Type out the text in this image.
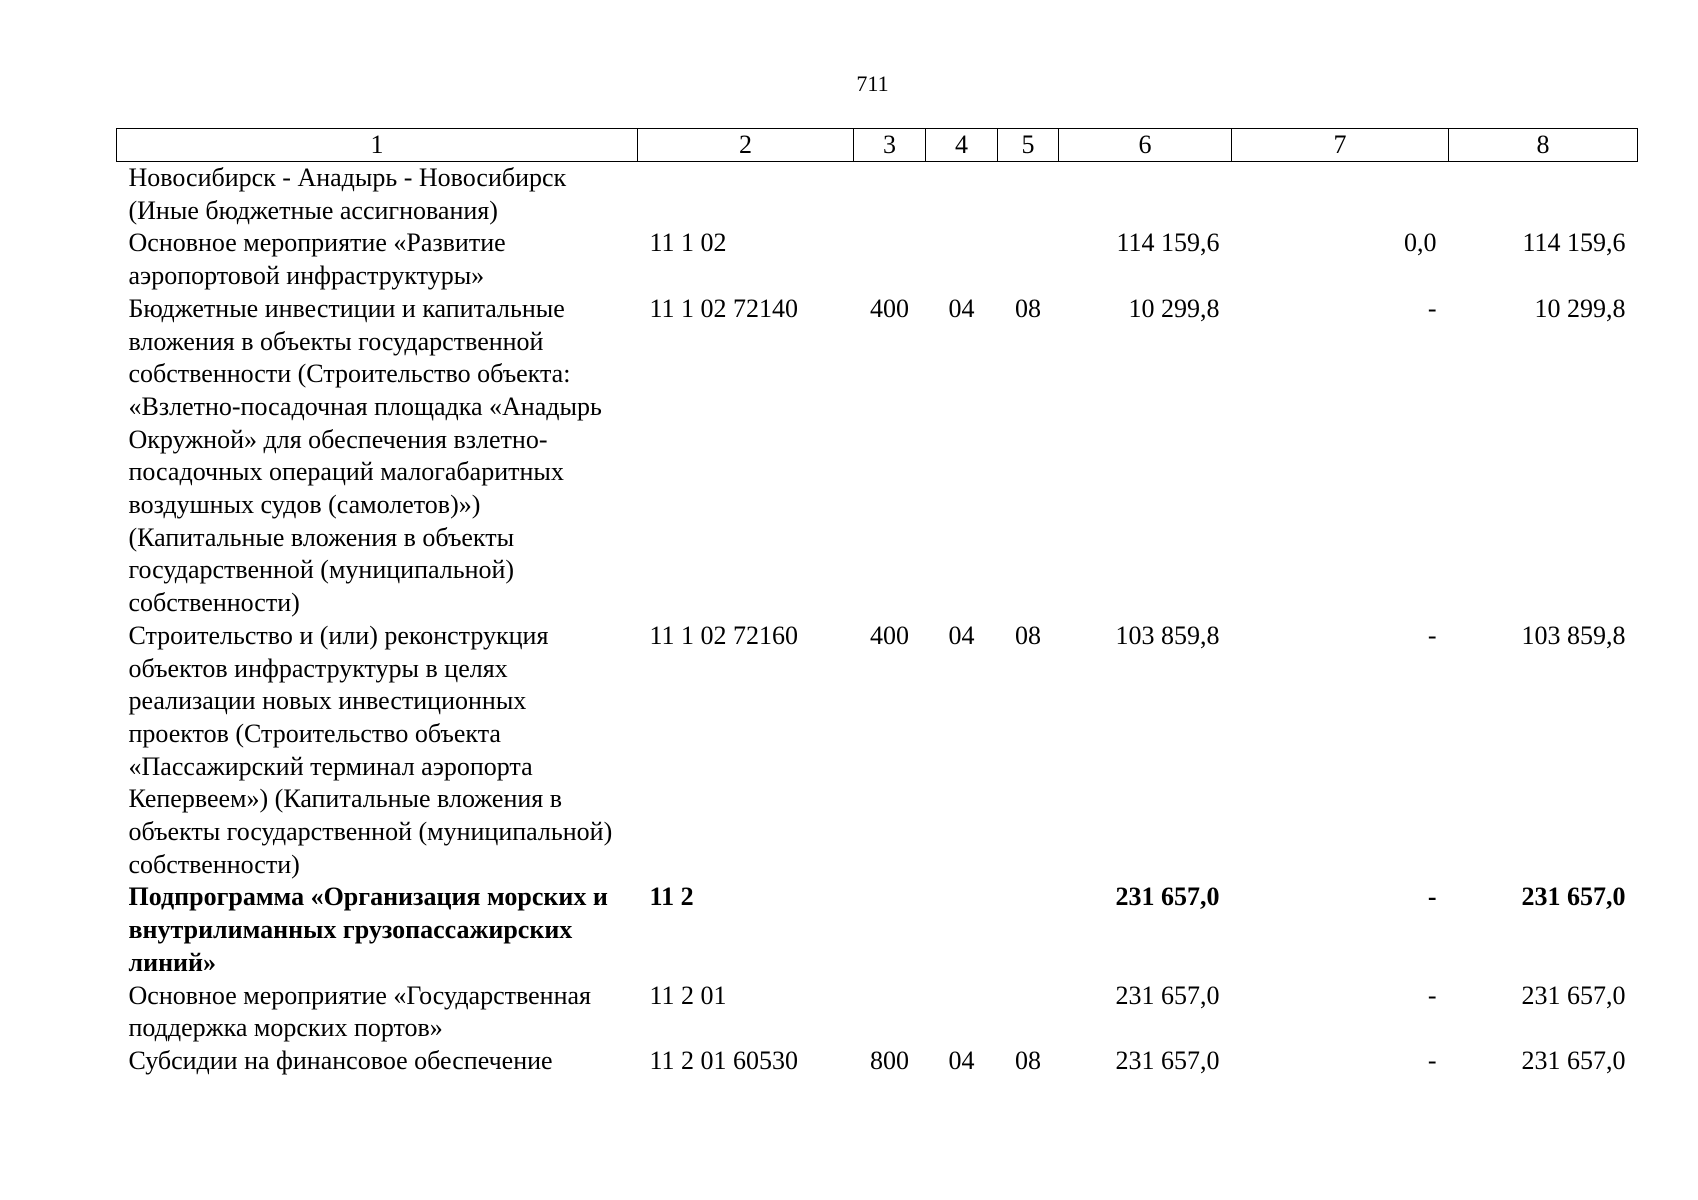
711
1	2	3	4	5	6	7	8
Новосибирск - Анадырь - Новосибирск (Иные бюджетные ассигнования)							
Основное мероприятие «Развитие аэропортовой инфраструктуры»	11 1 02				114 159,6	0,0	114 159,6
Бюджетные инвестиции и капитальные вложения в объекты государственной собственности (Строительство объекта: «Взлетно-посадочная площадка «Анадырь Окружной» для обеспечения взлетно-посадочных операций малогабаритных воздушных судов (самолетов)») (Капитальные вложения в объекты государственной (муниципальной) собственности)	11 1 02 72140	400	04	08	10 299,8	-	10 299,8
Строительство и (или) реконструкция объектов инфраструктуры в целях реализации новых инвестиционных проектов (Строительство объекта «Пассажирский терминал аэропорта Кепервеем») (Капитальные вложения в объекты государственной (муниципальной) собственности)	11 1 02 72160	400	04	08	103 859,8	-	103 859,8
Подпрограмма «Организация морских и внутрилиманных грузопассажирских линий»	11 2				231 657,0	-	231 657,0
Основное мероприятие «Государственная поддержка морских портов»	11 2 01				231 657,0	-	231 657,0
Субсидии на финансовое обеспечение	11 2 01 60530	800	04	08	231 657,0	-	231 657,0
